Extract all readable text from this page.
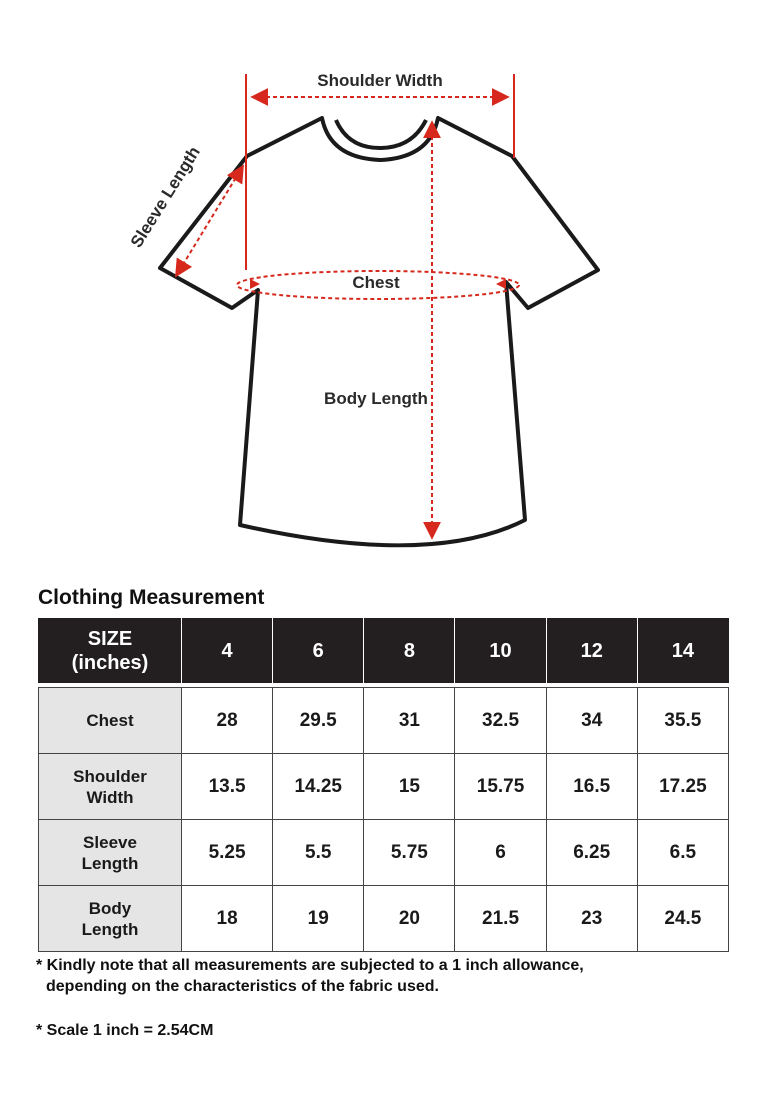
Shoulder Width
Sleeve Length
Chest
Body Length
Clothing Measurement
SIZE
(inches)	4	6	8	10	12	14

Chest	28	29.5	31	32.5	34	35.5
Shoulder
Width	13.5	14.25	15	15.75	16.5	17.25
Sleeve
Length	5.25	5.5	5.75	6	6.25	6.5
Body
Length	18	19	20	21.5	23	24.5
* Kindly note that all measurements are subjected to a 1 inch allowance,
depending on the characteristics of the fabric used.
* Scale 1 inch = 2.54CM
